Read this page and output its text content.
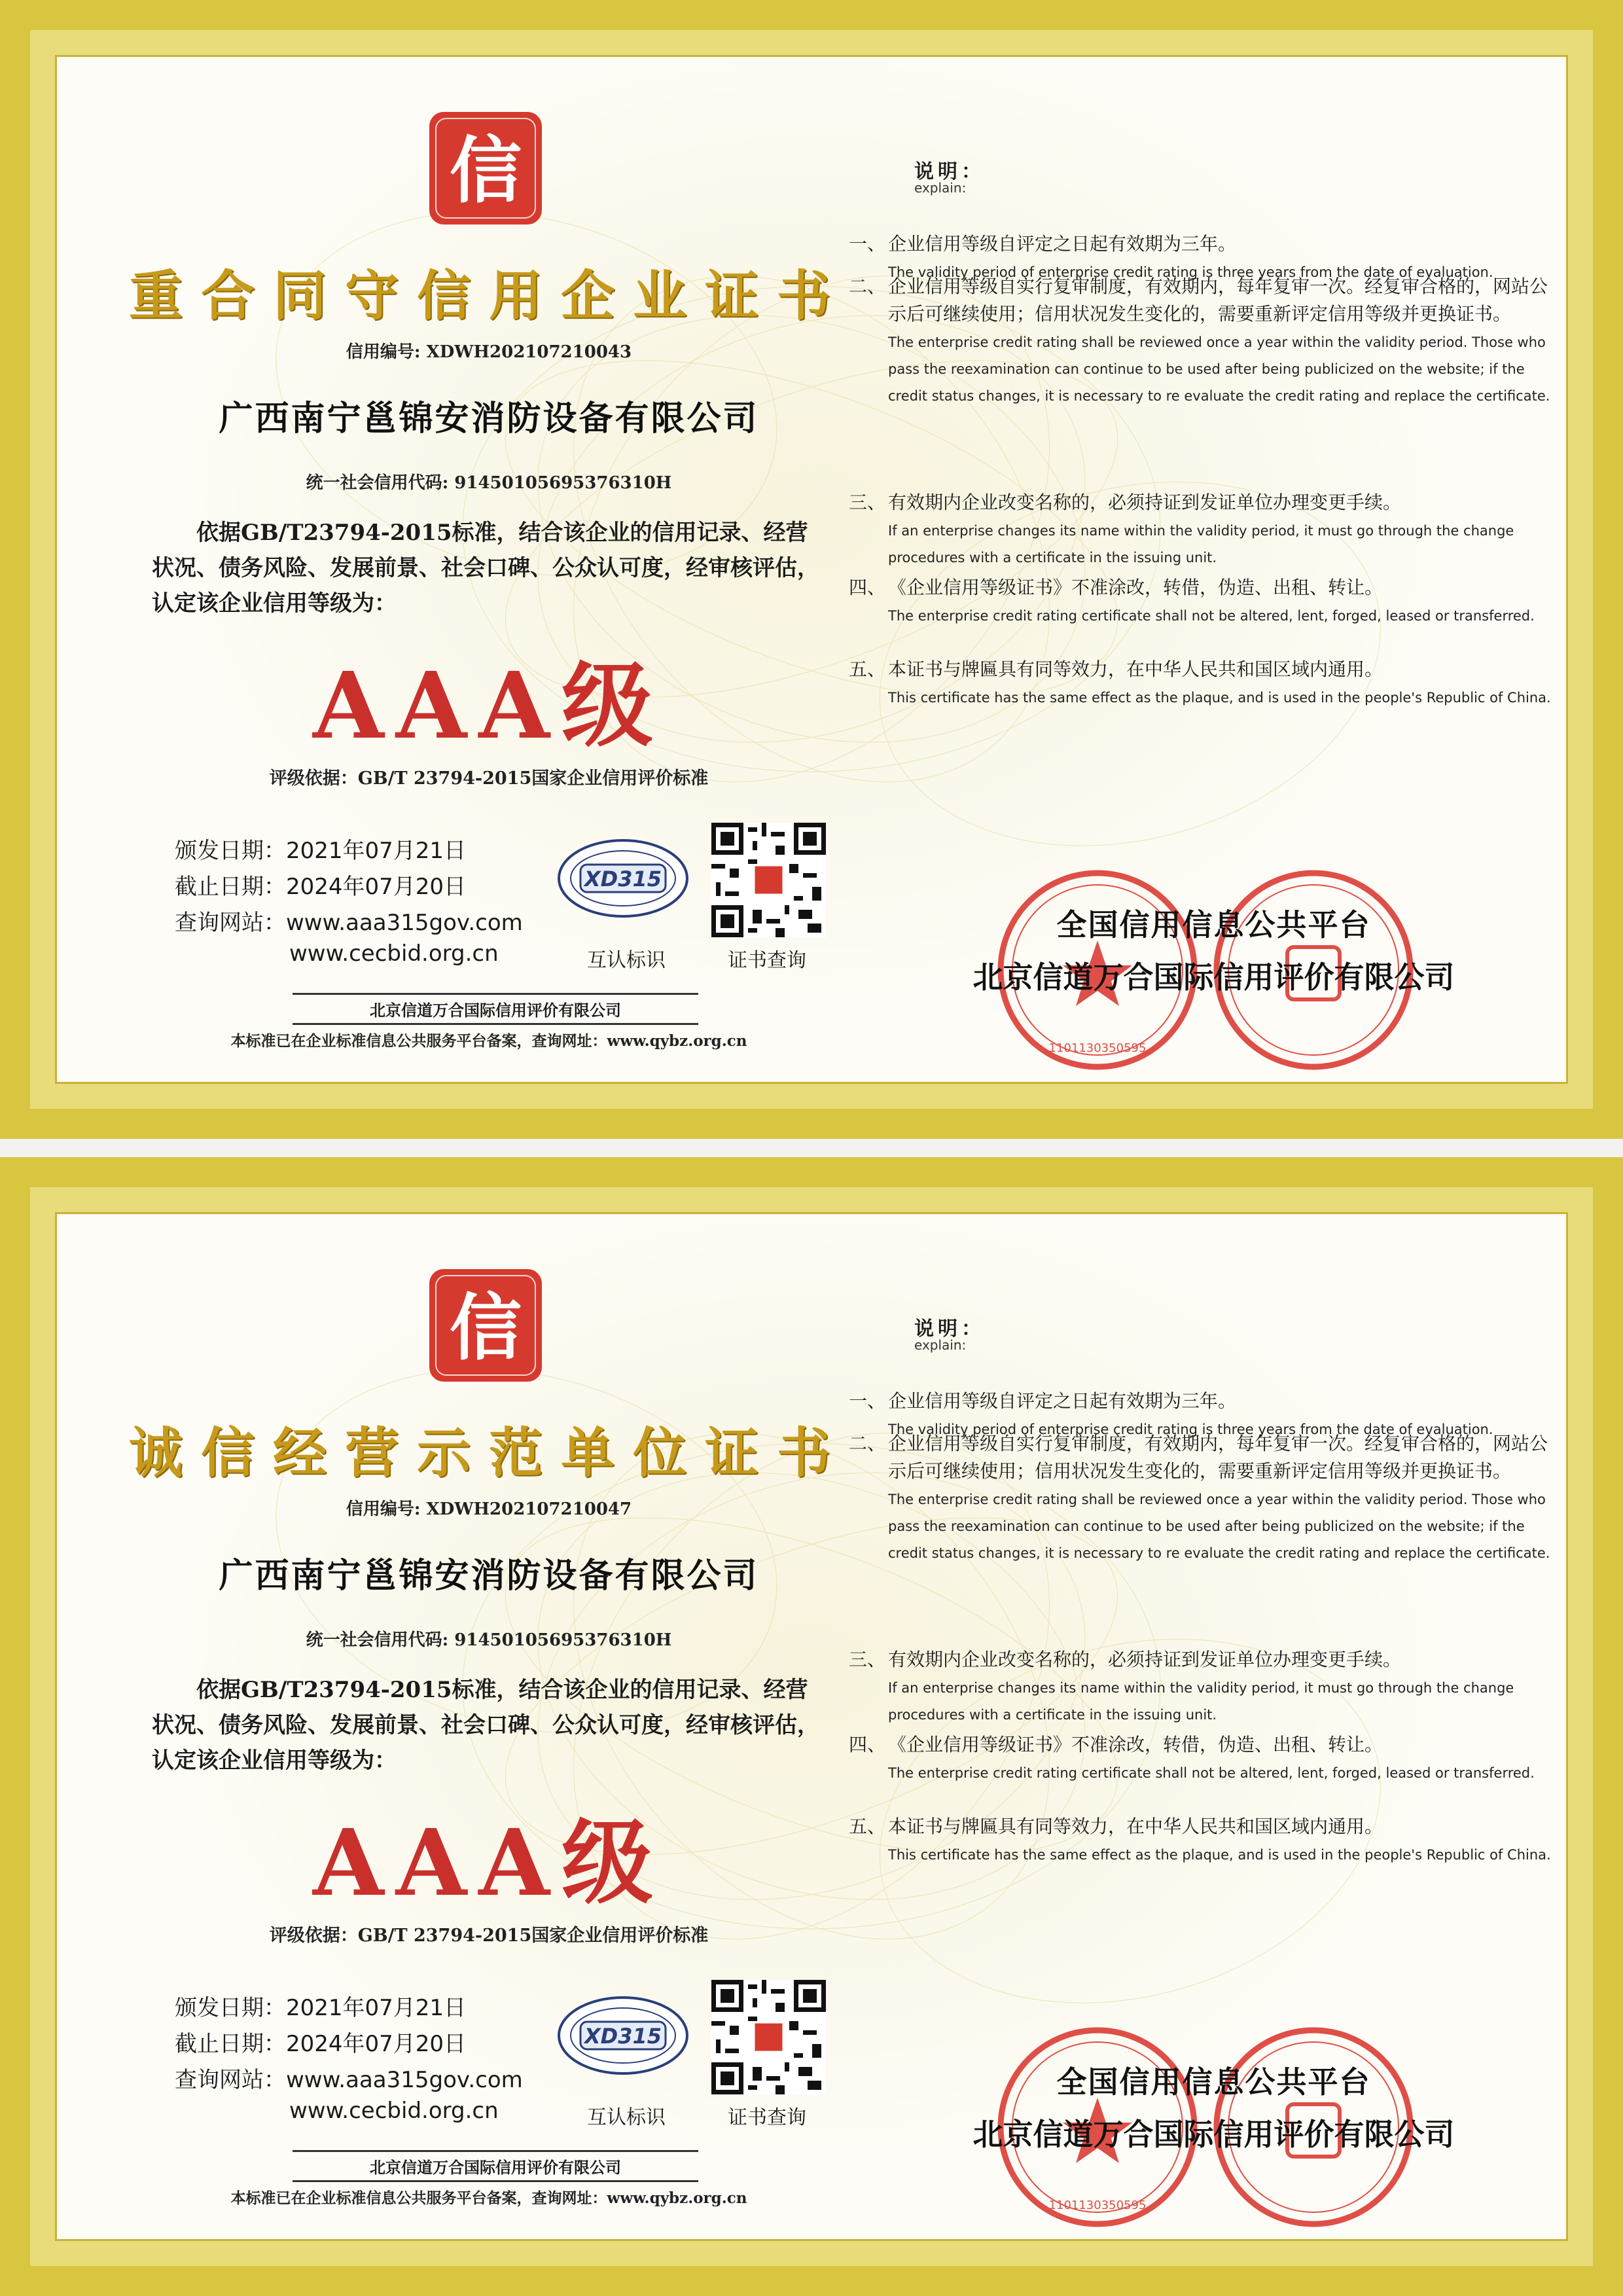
信
重合同守信用企业证书
信用编号: XDWH202107210043
广西南宁邕锦安消防设备有限公司
统一社会信用代码: 91450105695376310H
依据GB/T23794-2015标准，结合该企业的信用记录、经营状况、债务风险、发展前景、社会口碑、公众认可度，经审核评估，认定该企业信用等级为：
AAA级
评级依据：GB/T 23794-2015国家企业信用评价标准
颁发日期：2021年07月21日
截止日期：2024年07月20日
查询网站：www.aaa315gov.com
www.cecbid.org.cn
XD315
互认标识	证书查询
北京信道万合国际信用评价有限公司
本标准已在企业标准信息公共服务平台备案，查询网址：www.qybz.org.cn
说明：
explain:
一、 企业信用等级自评定之日起有效期为三年。
The validity period of enterprise credit rating is three years from the date of evaluation.
二、 企业信用等级自实行复审制度，有效期内，每年复审一次。经复审合格的，网站公示后可继续使用；信用状况发生变化的，需要重新评定信用等级并更换证书。
The enterprise credit rating shall be reviewed once a year within the validity period. Those who pass the reexamination can continue to be used after being publicized on the website; if the credit status changes, it is necessary to re evaluate the credit rating and replace the certificate.
三、 有效期内企业改变名称的，必须持证到发证单位办理变更手续。
If an enterprise changes its name within the validity period, it must go through the change procedures with a certificate in the issuing unit.
四、 《企业信用等级证书》不准涂改，转借，伪造、出租、转让。
The enterprise credit rating certificate shall not be altered, lent, forged, leased or transferred.
五、 本证书与牌匾具有同等效力，在中华人民共和国区域内通用。
This certificate has the same effect as the plaque, and is used in the people's Republic of China.
1101130350595
全国信用信息公共平台
北京信道万合国际信用评价有限公司
信
诚信经营示范单位证书
信用编号: XDWH202107210047
广西南宁邕锦安消防设备有限公司
统一社会信用代码: 91450105695376310H
依据GB/T23794-2015标准，结合该企业的信用记录、经营状况、债务风险、发展前景、社会口碑、公众认可度，经审核评估，认定该企业信用等级为：
AAA级
评级依据：GB/T 23794-2015国家企业信用评价标准
颁发日期：2021年07月21日
截止日期：2024年07月20日
查询网站：www.aaa315gov.com
www.cecbid.org.cn
XD315
互认标识	证书查询
北京信道万合国际信用评价有限公司
本标准已在企业标准信息公共服务平台备案，查询网址：www.qybz.org.cn
说明：
explain:
一、 企业信用等级自评定之日起有效期为三年。
The validity period of enterprise credit rating is three years from the date of evaluation.
二、 企业信用等级自实行复审制度，有效期内，每年复审一次。经复审合格的，网站公示后可继续使用；信用状况发生变化的，需要重新评定信用等级并更换证书。
The enterprise credit rating shall be reviewed once a year within the validity period. Those who pass the reexamination can continue to be used after being publicized on the website; if the credit status changes, it is necessary to re evaluate the credit rating and replace the certificate.
三、 有效期内企业改变名称的，必须持证到发证单位办理变更手续。
If an enterprise changes its name within the validity period, it must go through the change procedures with a certificate in the issuing unit.
四、 《企业信用等级证书》不准涂改，转借，伪造、出租、转让。
The enterprise credit rating certificate shall not be altered, lent, forged, leased or transferred.
五、 本证书与牌匾具有同等效力，在中华人民共和国区域内通用。
This certificate has the same effect as the plaque, and is used in the people's Republic of China.
1101130350595
全国信用信息公共平台
北京信道万合国际信用评价有限公司
